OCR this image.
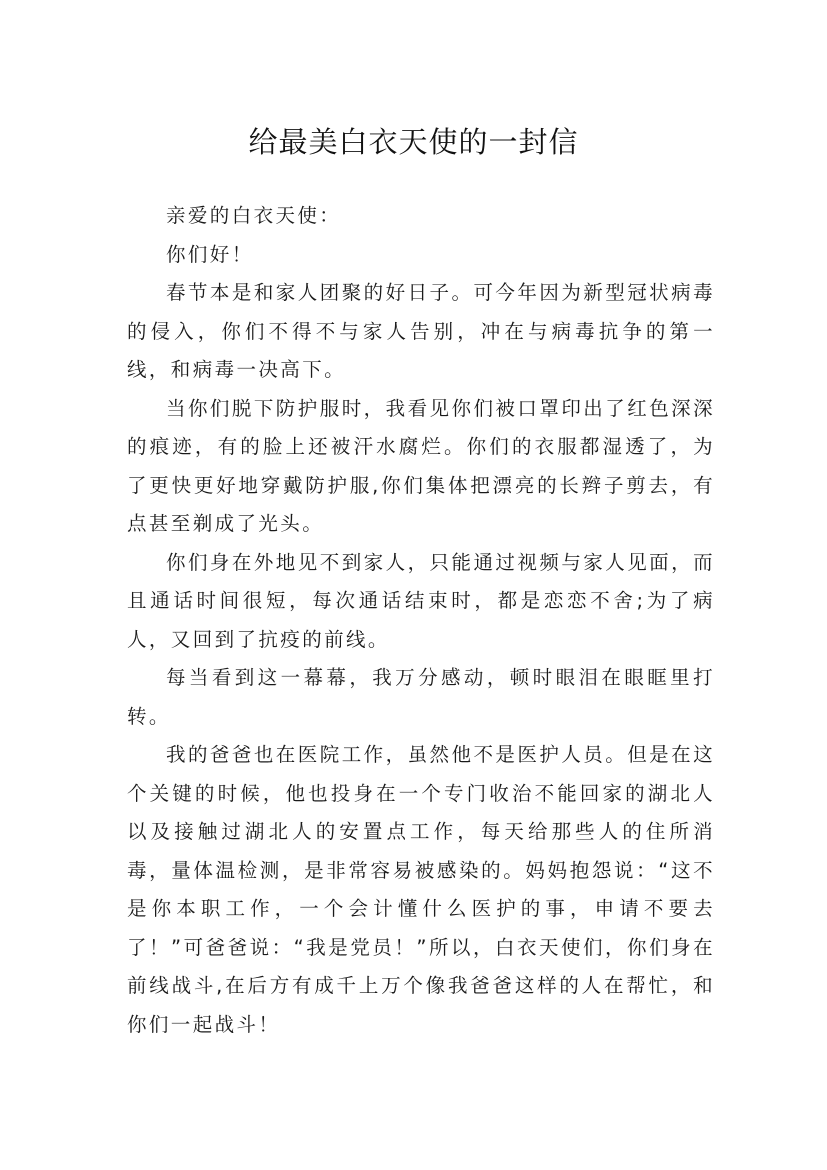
给最美白衣天使的一封信

亲爱的白衣天使：

你们好！

春节本是和家人团聚的好日子。可今年因为新型冠状病毒的侵入，你们不得不与家人告别，冲在与病毒抗争的第一线，和病毒一决高下。

当你们脱下防护服时，我看见你们被口罩印出了红色深深的痕迹，有的脸上还被汗水腐烂。你们的衣服都湿透了，为了更快更好地穿戴防护服,你们集体把漂亮的长辫子剪去，有点甚至剃成了光头。

你们身在外地见不到家人，只能通过视频与家人见面，而且通话时间很短，每次通话结束时，都是恋恋不舍;为了病人，又回到了抗疫的前线。

每当看到这一幕幕，我万分感动，顿时眼泪在眼眶里打转。

我的爸爸也在医院工作，虽然他不是医护人员。但是在这个关键的时候，他也投身在一个专门收治不能回家的湖北人以及接触过湖北人的安置点工作，每天给那些人的住所消毒，量体温检测，是非常容易被感染的。妈妈抱怨说：“这不是你本职工作，一个会计懂什么医护的事，申请不要去了！”可爸爸说：“我是党员！”所以，白衣天使们，你们身在前线战斗,在后方有成千上万个像我爸爸这样的人在帮忙，和你们一起战斗！
